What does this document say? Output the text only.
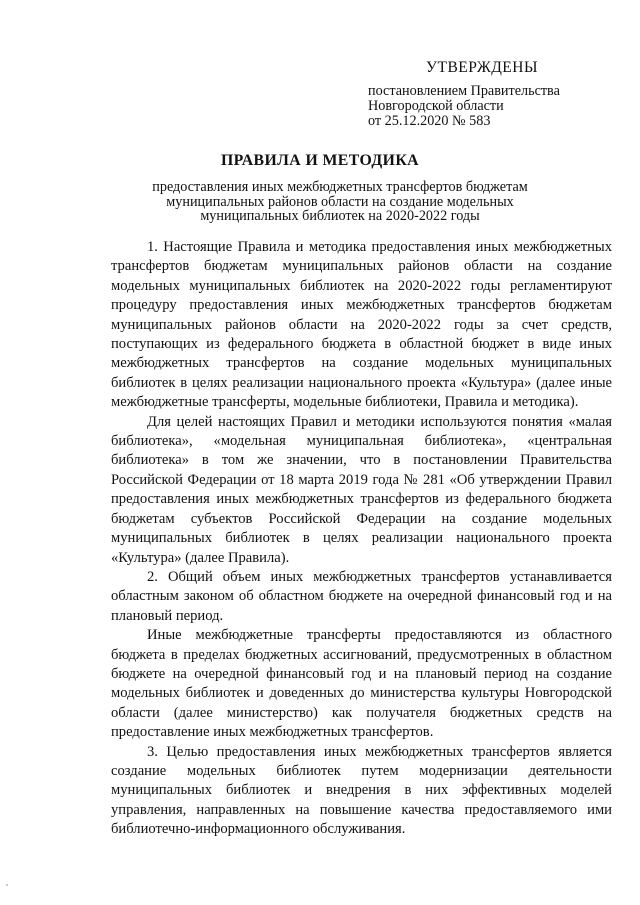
УТВЕРЖДЕНЫ
постановлением Правительства
Новгородской области
от 25.12.2020 № 583
ПРАВИЛА И МЕТОДИКА
предоставления иных межбюджетных трансфертов бюджетам
муниципальных районов области на создание модельных
муниципальных библиотек на 2020-2022 годы

1. Настоящие Правила и методика предоставления иных межбюджетных трансфертов бюджетам муниципальных районов области на создание модельных муниципальных библиотек на 2020-2022 годы регламентируют процедуру предоставления иных межбюджетных трансфертов бюджетам муниципальных районов области на 2020-2022 годы за счет средств, поступающих из федерального бюджета в областной бюджет в виде иных межбюджетных трансфертов на создание модельных муниципальных библиотек в целях реализации национального проекта «Культура» (далее иные межбюджетные трансферты, модельные библиотеки, Правила и методика).

Для целей настоящих Правил и методики используются понятия «малая библиотека», «модельная муниципальная библиотека», «центральная библиотека» в том же значении, что в постановлении Правительства Российской Федерации от 18 марта 2019 года № 281 «Об утверждении Правил предоставления иных межбюджетных трансфертов из федерального бюджета бюджетам субъектов Российской Федерации на создание модельных муниципальных библиотек в целях реализации национального проекта «Культура» (далее Правила).

2. Общий объем иных межбюджетных трансфертов устанавливается областным законом об областном бюджете на очередной финансовый год и на плановый период.

Иные межбюджетные трансферты предоставляются из областного бюджета в пределах бюджетных ассигнований, предусмотренных в областном бюджете на очередной финансовый год и на плановый период на создание модельных библиотек и доведенных до министерства культуры Новгородской области (далее министерство) как получателя бюджетных средств на предоставление иных межбюджетных трансфертов.

3. Целью предоставления иных межбюджетных трансфертов является создание модельных библиотек путем модернизации деятельности муниципальных библиотек и внедрения в них эффективных моделей управления, направленных на повышение качества предоставляемого ими библиотечно-информационного обслуживания.
